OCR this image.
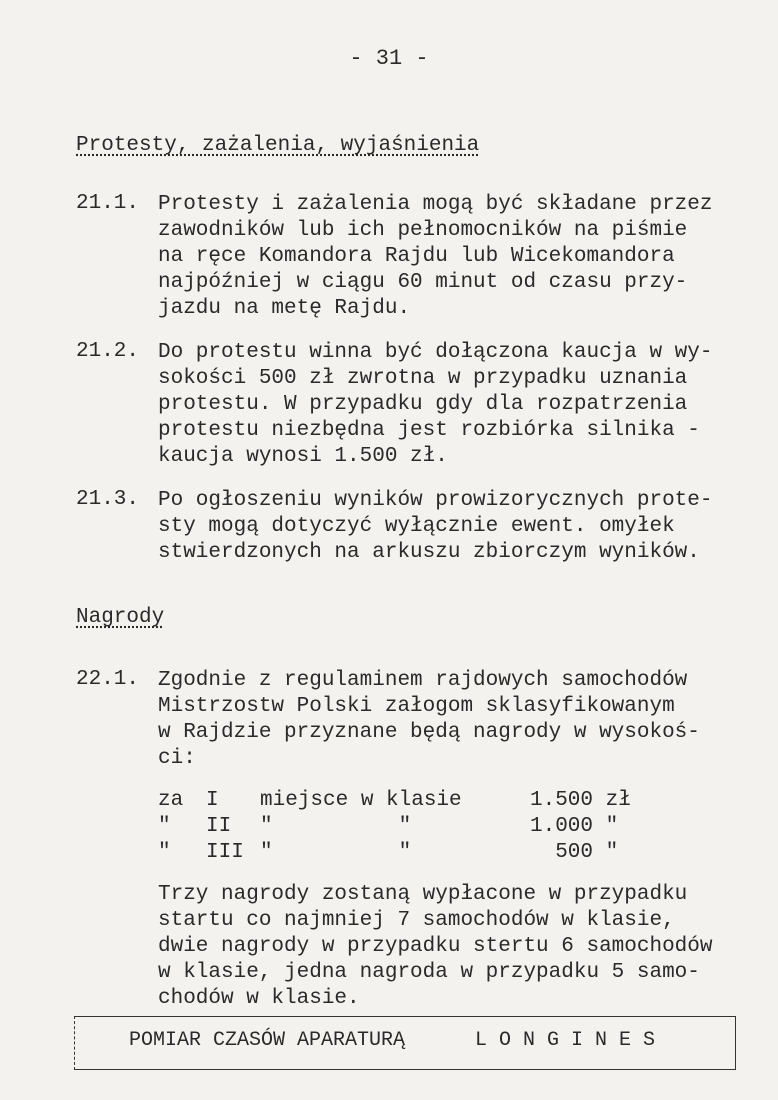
- 31 -
Protesty, zażalenia, wyjaśnienia
21.1. Protesty i zażalenia mogą być składane przez
zawodników lub ich pełnomocników na piśmie
na ręce Komandora Rajdu lub Wicekomandora
najpóźniej w ciągu 60 minut od czasu przy-
jazdu na metę Rajdu.
21.2. Do protestu winna być dołączona kaucja w wy-
sokości 500 zł zwrotna w przypadku uznania
protestu. W przypadku gdy dla rozpatrzenia
protestu niezbędna jest rozbiórka silnika -
kaucja wynosi 1.500 zł.
21.3. Po ogłoszeniu wyników prowizorycznych prote-
sty mogą dotyczyć wyłącznie ewent. omyłek
stwierdzonych na arkuszu zbiorczym wyników.
Nagrody
22.1. Zgodnie z regulaminem rajdowych samochodów
Mistrzostw Polski załogom sklasyfikowanym
w Rajdzie przyznane będą nagrody w wysokoś-
ci:
za I miejsce w klasie	1.500 zł
" II "          "	1.000 "
" III "          "	500 "
Trzy nagrody zostaną wypłacone w przypadku
startu co najmniej 7 samochodów w klasie,
dwie nagrody w przypadku stertu 6 samochodów
w klasie, jedna nagroda w przypadku 5 samo-
chodów w klasie.
POMIAR CZASÓW APARATURĄ	LONGINES
